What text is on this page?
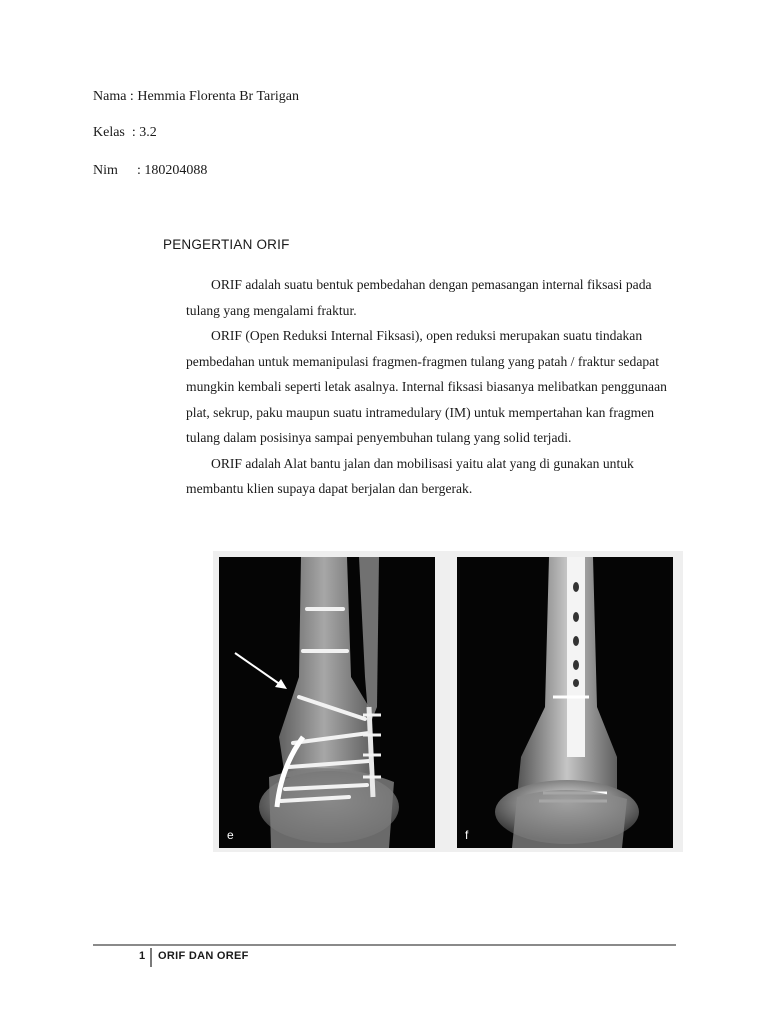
Nama : Hemmia Florenta Br Tarigan
Kelas  : 3.2
Nim : 180204088
PENGERTIAN ORIF

ORIF adalah suatu bentuk pembedahan dengan pemasangan internal fiksasi pada tulang yang mengalami fraktur.

ORIF (Open Reduksi Internal Fiksasi), open reduksi merupakan suatu tindakan pembedahan untuk memanipulasi fragmen-fragmen tulang yang patah / fraktur sedapat mungkin kembali seperti letak asalnya. Internal fiksasi biasanya melibatkan penggunaan plat, sekrup, paku maupun suatu intramedulary (IM) untuk mempertahan kan fragmen tulang dalam posisinya sampai penyembuhan tulang yang solid terjadi.

ORIF adalah Alat bantu jalan dan mobilisasi yaitu alat yang di gunakan untuk membantu klien supaya dapat berjalan dan bergerak.

e	f
1 ORIF DAN OREF
